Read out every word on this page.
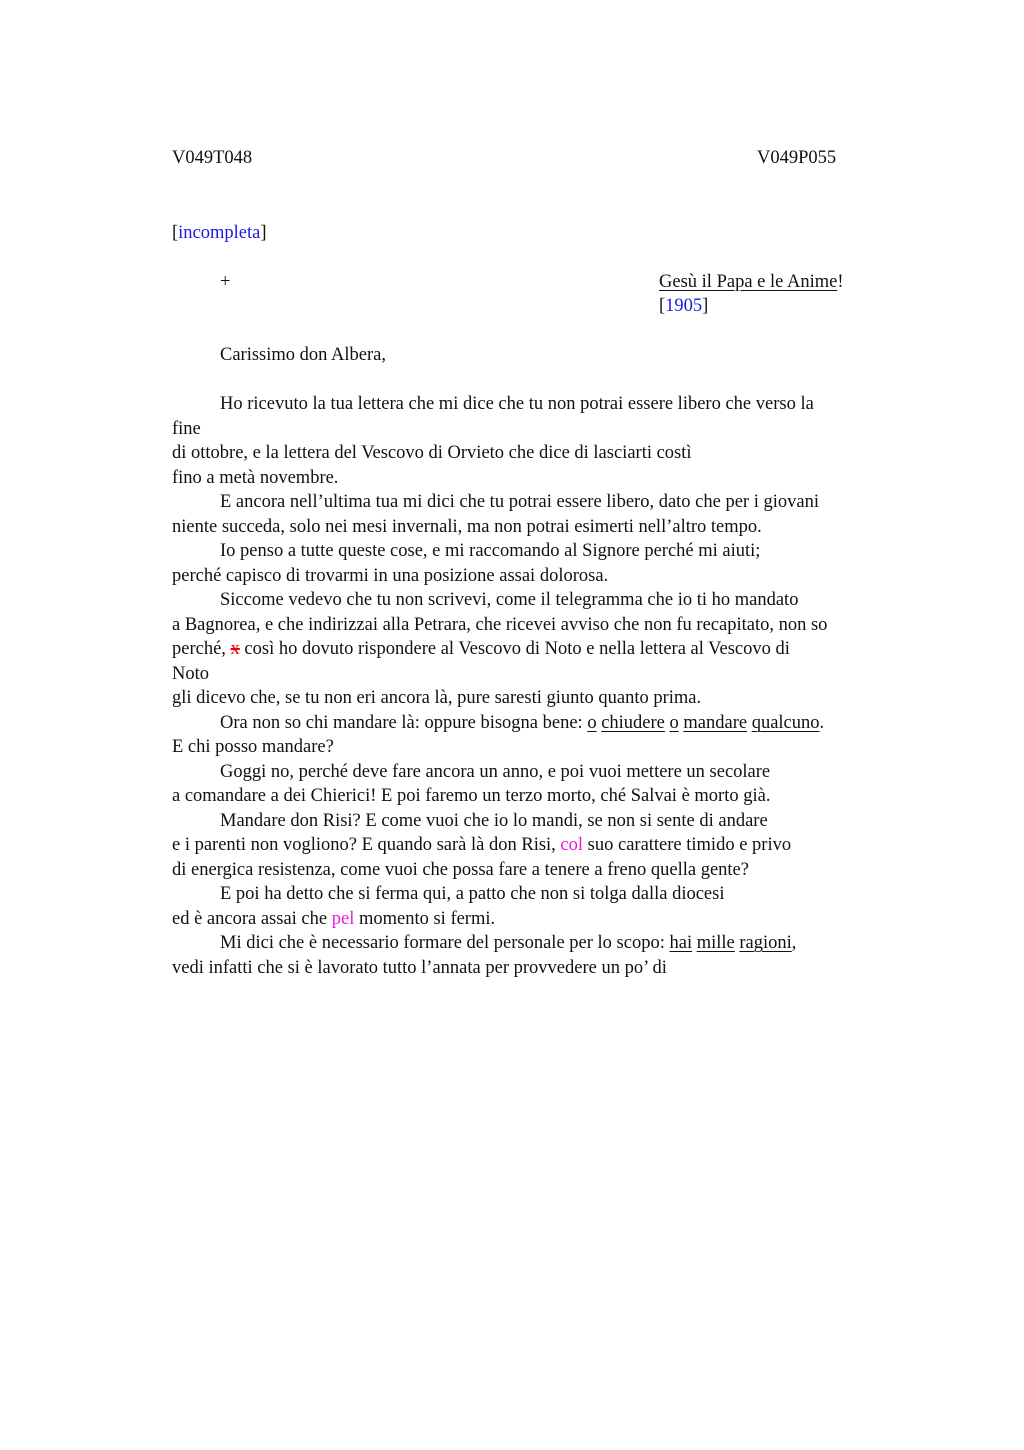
V049T048	V049P055
[incompleta]
+	Gesù il Papa e le Anime!
[1905]
Carissimo don Albera,
Ho ricevuto la tua lettera che mi dice che tu non potrai essere libero che verso la
fine
di ottobre, e la lettera del Vescovo di Orvieto che dice di lasciarti costì
fino a metà novembre.
E ancora nell’ultima tua mi dici che tu potrai essere libero, dato che per i giovani
niente succeda, solo nei mesi invernali, ma non potrai esimerti nell’altro tempo.
Io penso a tutte queste cose, e mi raccomando al Signore perché mi aiuti;
perché capisco di trovarmi in una posizione assai dolorosa.
Siccome vedevo che tu non scrivevi, come il telegramma che io ti ho mandato
a Bagnorea, e che indirizzai alla Petrara, che ricevei avviso che non fu recapitato, non so
perché, x così ho dovuto rispondere al Vescovo di Noto e nella lettera al Vescovo di
Noto
gli dicevo che, se tu non eri ancora là, pure saresti giunto quanto prima.
Ora non so chi mandare là: oppure bisogna bene: o chiudere o mandare qualcuno.
E chi posso mandare?
Goggi no, perché deve fare ancora un anno, e poi vuoi mettere un secolare
a comandare a dei Chierici! E poi faremo un terzo morto, ché Salvai è morto già.
Mandare don Risi? E come vuoi che io lo mandi, se non si sente di andare
e i parenti non vogliono? E quando sarà là don Risi, col suo carattere timido e privo
di energica resistenza, come vuoi che possa fare a tenere a freno quella gente?
E poi ha detto che si ferma qui, a patto che non si tolga dalla diocesi
ed è ancora assai che pel momento si fermi.
Mi dici che è necessario formare del personale per lo scopo: hai mille ragioni,
vedi infatti che si è lavorato tutto l’annata per provvedere un po’ di
